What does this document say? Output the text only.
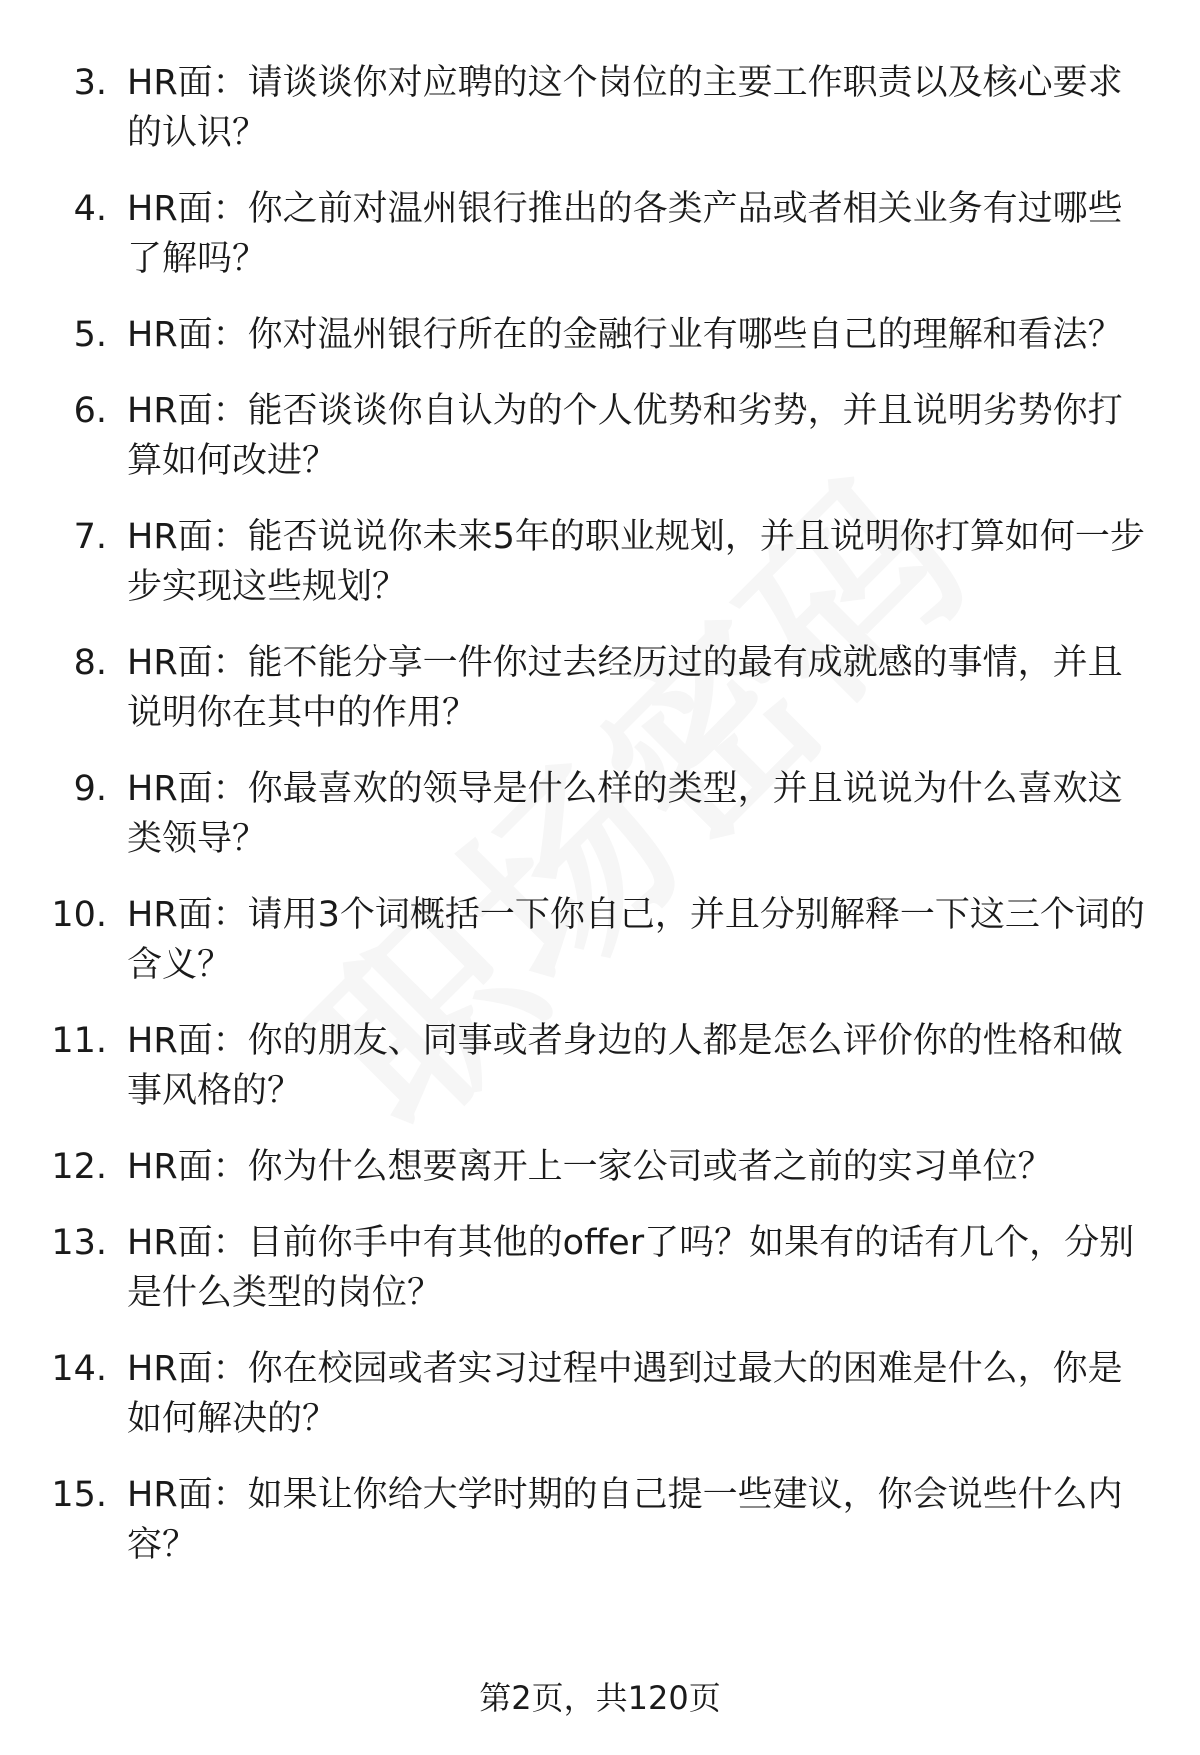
3. HR面：请谈谈你对应聘的这个岗位的主要工作职责以及核心要求的认识？
4. HR面：你之前对温州银行推出的各类产品或者相关业务有过哪些了解吗？
5. HR面：你对温州银行所在的金融行业有哪些自己的理解和看法？
6. HR面：能否谈谈你自认为的个人优势和劣势，并且说明劣势你打算如何改进？
7. HR面：能否说说你未来5年的职业规划，并且说明你打算如何一步步实现这些规划？
8. HR面：能不能分享一件你过去经历过的最有成就感的事情，并且说明你在其中的作用？
9. HR面：你最喜欢的领导是什么样的类型，并且说说为什么喜欢这类领导？
10. HR面：请用3个词概括一下你自己，并且分别解释一下这三个词的含义？
11. HR面：你的朋友、同事或者身边的人都是怎么评价你的性格和做事风格的？
12. HR面：你为什么想要离开上一家公司或者之前的实习单位？
13. HR面：目前你手中有其他的offer了吗？如果有的话有几个，分别是什么类型的岗位？
14. HR面：你在校园或者实习过程中遇到过最大的困难是什么，你是如何解决的？
15. HR面：如果让你给大学时期的自己提一些建议，你会说些什么内容？
第2页，共120页
